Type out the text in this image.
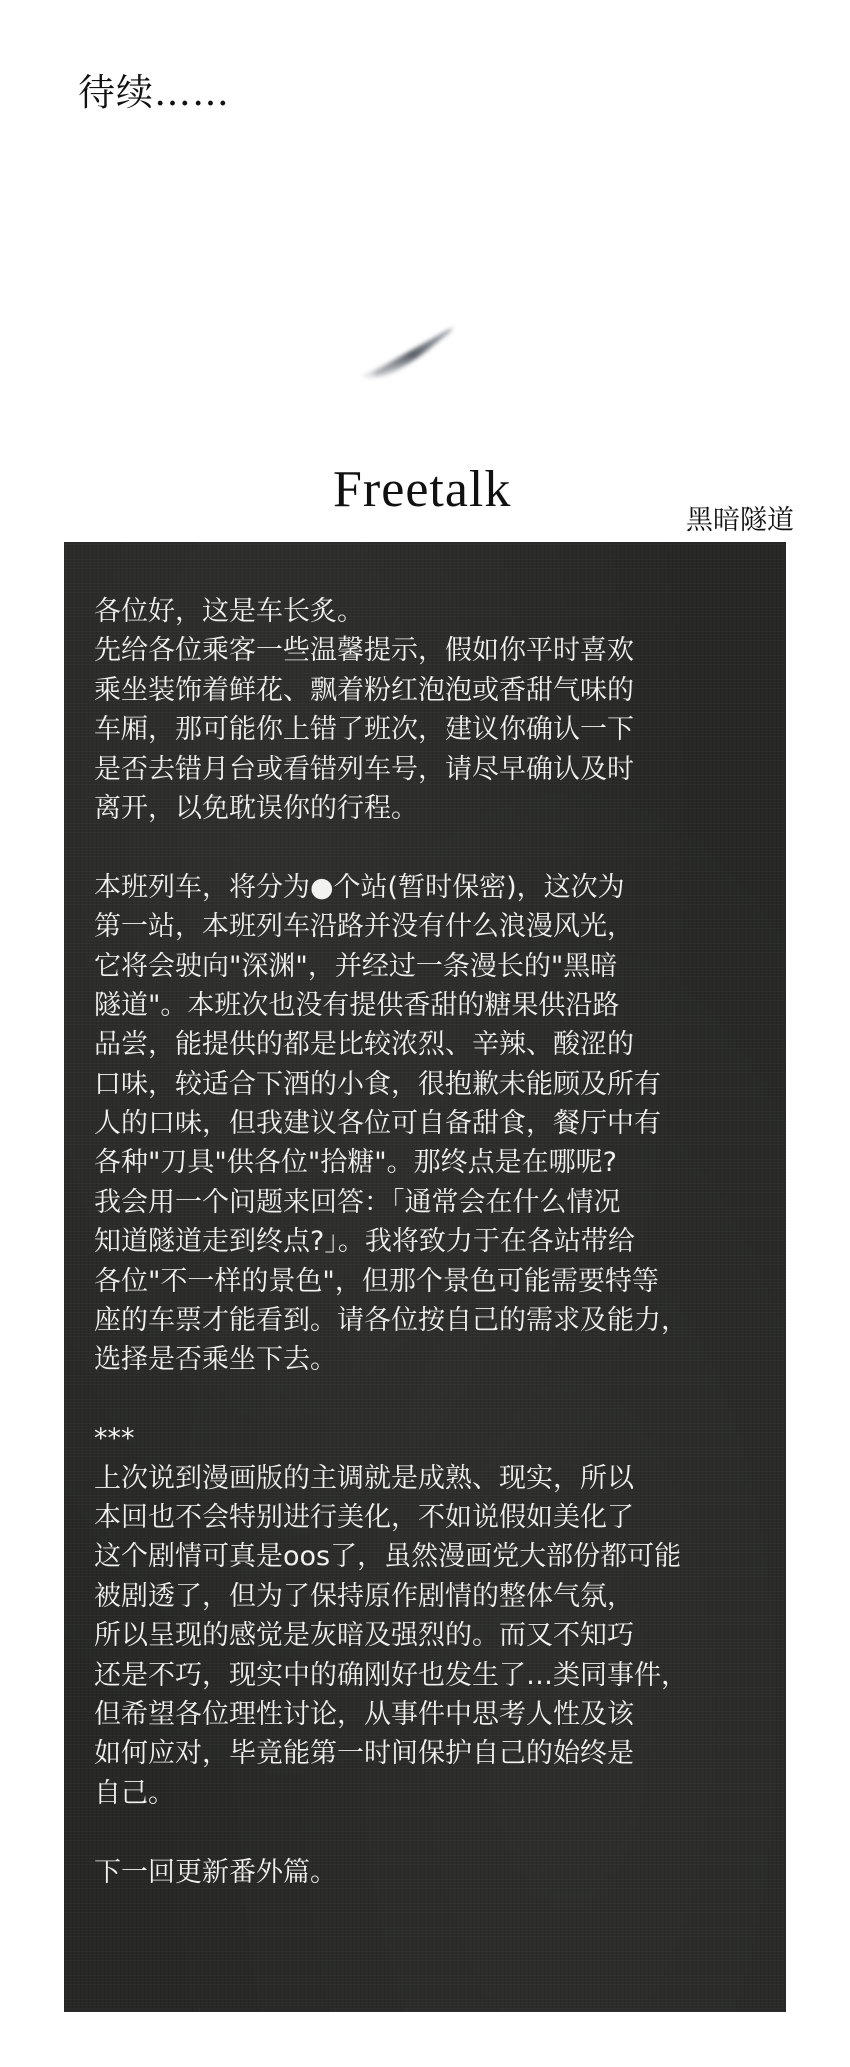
待续……
Freetalk
黑暗隧道
各位好，这是车长炙。
先给各位乘客一些温馨提示，假如你平时喜欢
乘坐装饰着鲜花、飘着粉红泡泡或香甜气味的
车厢，那可能你上错了班次，建议你确认一下
是否去错月台或看错列车号，请尽早确认及时
离开，以免耽误你的行程。
本班列车，将分为●个站(暂时保密)，这次为
第一站，本班列车沿路并没有什么浪漫风光，
它将会驶向"深渊"，并经过一条漫长的"黑暗
隧道"。本班次也没有提供香甜的糖果供沿路
品尝，能提供的都是比较浓烈、辛辣、酸涩的
口味，较适合下酒的小食，很抱歉未能顾及所有
人的口味，但我建议各位可自备甜食，餐厅中有
各种"刀具"供各位"拾糖"。那终点是在哪呢?
我会用一个问题来回答：「通常会在什么情况
知道隧道走到终点?」。我将致力于在各站带给
各位"不一样的景色"，但那个景色可能需要特等
座的车票才能看到。请各位按自己的需求及能力，
选择是否乘坐下去。
***
上次说到漫画版的主调就是成熟、现实，所以
本回也不会特别进行美化，不如说假如美化了
这个剧情可真是oos了，虽然漫画党大部份都可能
被剧透了，但为了保持原作剧情的整体气氛，
所以呈现的感觉是灰暗及强烈的。而又不知巧
还是不巧，现实中的确刚好也发生了…类同事件，
但希望各位理性讨论，从事件中思考人性及该
如何应对，毕竟能第一时间保护自己的始终是
自己。
下一回更新番外篇。
